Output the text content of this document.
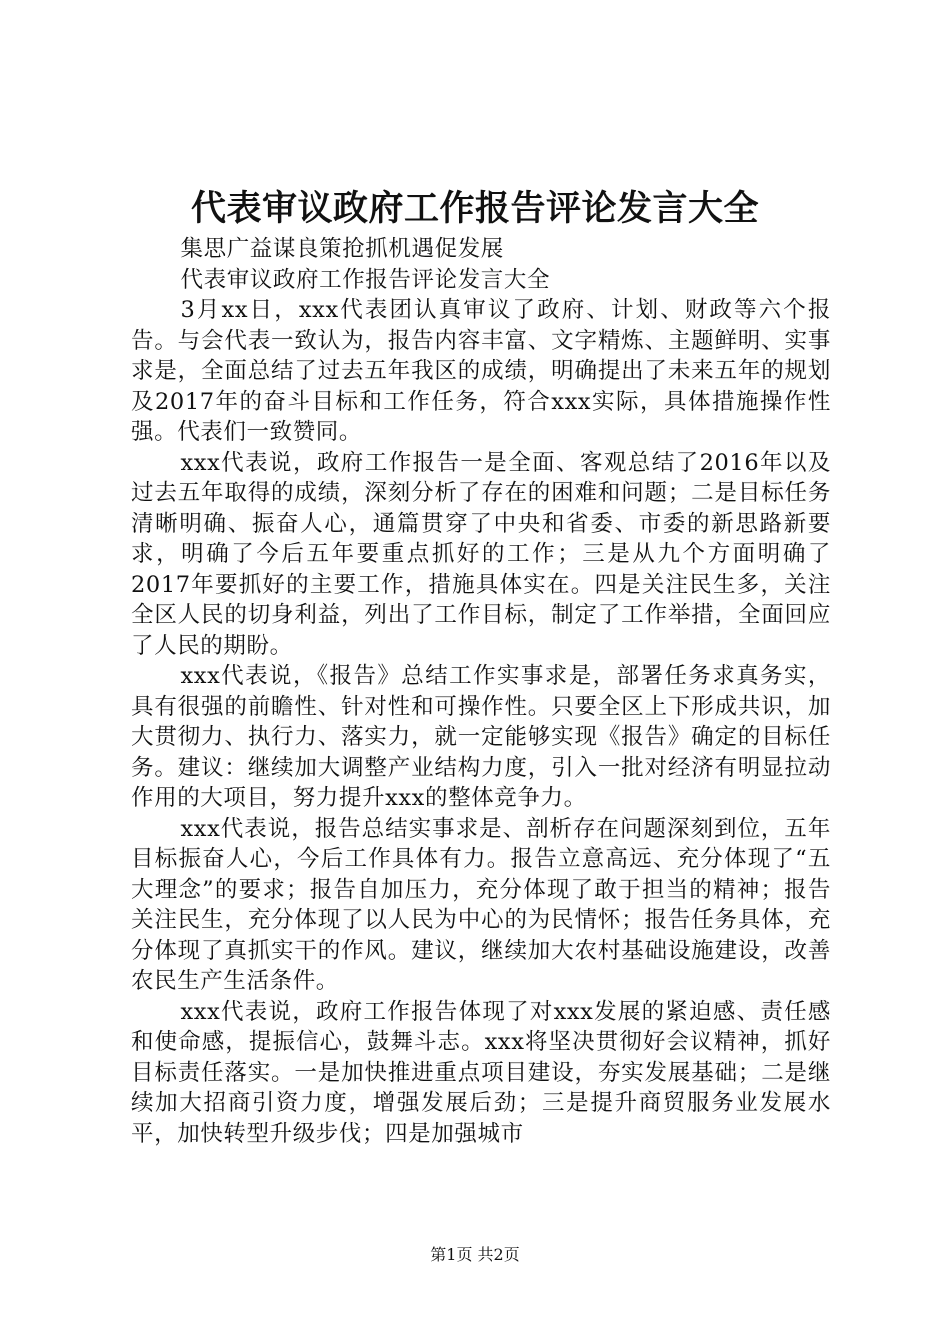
代表审议政府工作报告评论发言大全

集思广益谋良策抢抓机遇促发展

代表审议政府工作报告评论发言大全

3月xx日，xxx代表团认真审议了政府、计划、财政等六个报告。与会代表一致认为，报告内容丰富、文字精炼、主题鲜明、实事求是，全面总结了过去五年我区的成绩，明确提出了未来五年的规划及2017年的奋斗目标和工作任务，符合xxx实际，具体措施操作性强。代表们一致赞同。

xxx代表说，政府工作报告一是全面、客观总结了2016年以及过去五年取得的成绩，深刻分析了存在的困难和问题；二是目标任务清晰明确、振奋人心，通篇贯穿了中央和省委、市委的新思路新要求，明确了今后五年要重点抓好的工作；三是从九个方面明确了2017年要抓好的主要工作，措施具体实在。四是关注民生多，关注全区人民的切身利益，列出了工作目标，制定了工作举措，全面回应了人民的期盼。

xxx代表说，《报告》总结工作实事求是，部署任务求真务实，具有很强的前瞻性、针对性和可操作性。只要全区上下形成共识，加大贯彻力、执行力、落实力，就一定能够实现《报告》确定的目标任务。建议：继续加大调整产业结构力度，引入一批对经济有明显拉动作用的大项目，努力提升xxx的整体竞争力。

xxx代表说，报告总结实事求是、剖析存在问题深刻到位，五年目标振奋人心，今后工作具体有力。报告立意高远、充分体现了“五大理念”的要求；报告自加压力，充分体现了敢于担当的精神；报告关注民生，充分体现了以人民为中心的为民情怀；报告任务具体，充分体现了真抓实干的作风。建议，继续加大农村基础设施建设，改善农民生产生活条件。

xxx代表说，政府工作报告体现了对xxx发展的紧迫感、责任感和使命感，提振信心，鼓舞斗志。xxx将坚决贯彻好会议精神，抓好目标责任落实。一是加快推进重点项目建设，夯实发展基础；二是继续加大招商引资力度，增强发展后劲；三是提升商贸服务业发展水平，加快转型升级步伐；四是加强城市

第1页 共2页
